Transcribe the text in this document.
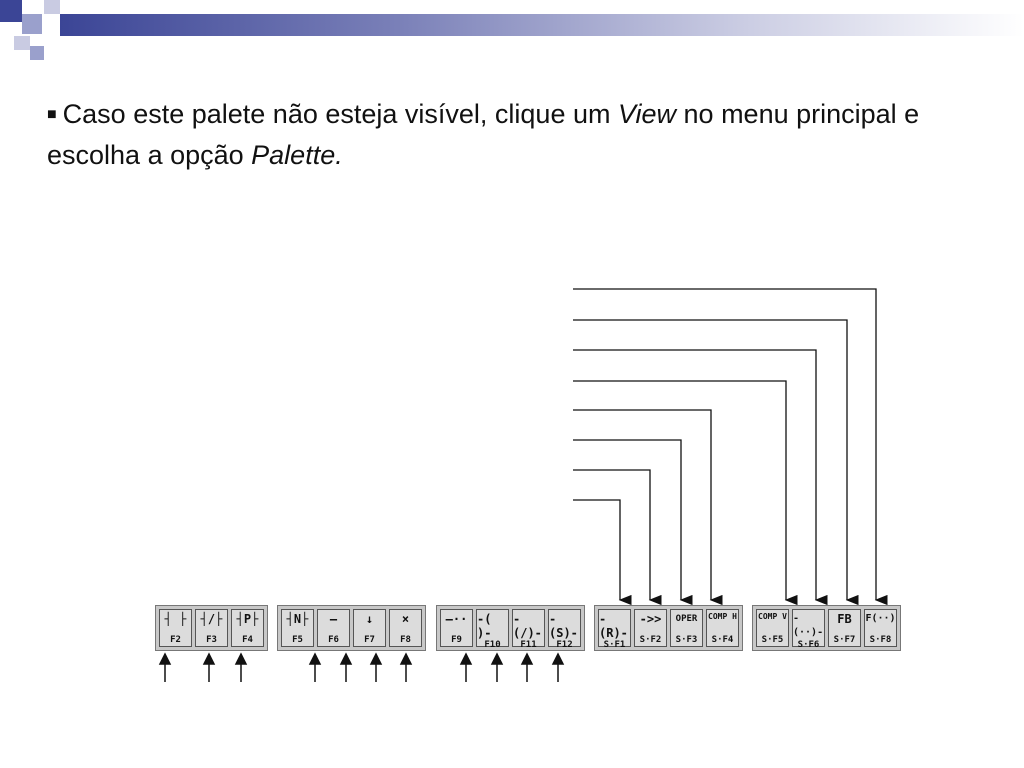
■ Caso este palete não esteja visível, clique um View no menu principal e escolha a opção Palette.
┤ ├
F2
┤/├
F3
┤P├
F4
┤N├
F5
—
F6
↓
F7
×
F8
—··
F9
-( )-
F10
-(/)-
F11
-(S)-
F12
-(R)-
S·F1
->>
S·F2
OPER
S·F3
COMP H
S·F4
COMP V
S·F5
-(··)-
S·F6
FB
S·F7
F(··)
S·F8
